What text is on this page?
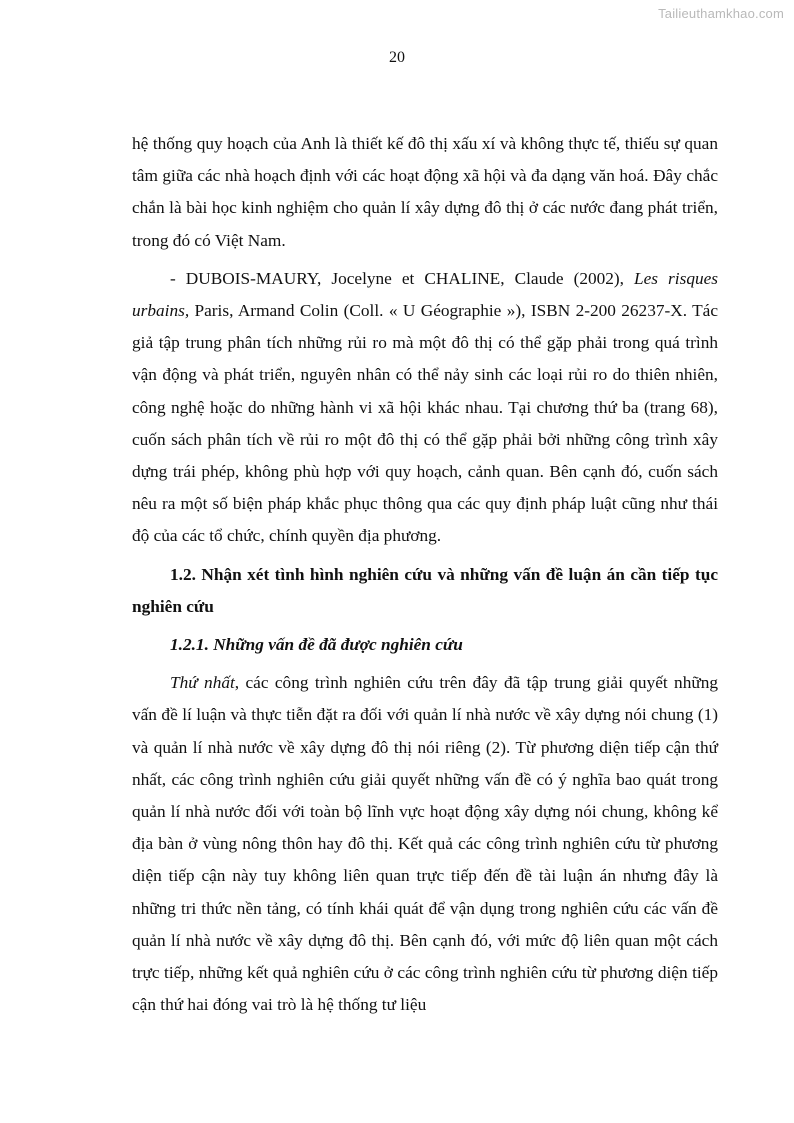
Tailieuthamkhao.com
20

hệ thống quy hoạch của Anh là thiết kế đô thị xấu xí và không thực tế, thiếu sự quan tâm giữa các nhà hoạch định với các hoạt động xã hội và đa dạng văn hoá. Đây chắc chắn là bài học kinh nghiệm cho quản lí xây dựng đô thị ở các nước đang phát triển, trong đó có Việt Nam.

- DUBOIS-MAURY, Jocelyne et CHALINE, Claude (2002), Les risques urbains, Paris, Armand Colin (Coll. « U Géographie »), ISBN 2-200 26237-X. Tác giả tập trung phân tích những rủi ro mà một đô thị có thể gặp phải trong quá trình vận động và phát triển, nguyên nhân có thể nảy sinh các loại rủi ro do thiên nhiên, công nghệ hoặc do những hành vi xã hội khác nhau. Tại chương thứ ba (trang 68), cuốn sách phân tích về rủi ro một đô thị có thể gặp phải bởi những công trình xây dựng trái phép, không phù hợp với quy hoạch, cảnh quan. Bên cạnh đó, cuốn sách nêu ra một số biện pháp khắc phục thông qua các quy định pháp luật cũng như thái độ của các tổ chức, chính quyền địa phương.

1.2. Nhận xét tình hình nghiên cứu và những vấn đề luận án cần tiếp tục nghiên cứu
1.2.1. Những vấn đề đã được nghiên cứu

Thứ nhất, các công trình nghiên cứu trên đây đã tập trung giải quyết những vấn đề lí luận và thực tiễn đặt ra đối với quản lí nhà nước về xây dựng nói chung (1) và quản lí nhà nước về xây dựng đô thị nói riêng (2). Từ phương diện tiếp cận thứ nhất, các công trình nghiên cứu giải quyết những vấn đề có ý nghĩa bao quát trong quản lí nhà nước đối với toàn bộ lĩnh vực hoạt động xây dựng nói chung, không kể địa bàn ở vùng nông thôn hay đô thị. Kết quả các công trình nghiên cứu từ phương diện tiếp cận này tuy không liên quan trực tiếp đến đề tài luận án nhưng đây là những tri thức nền tảng, có tính khái quát để vận dụng trong nghiên cứu các vấn đề quản lí nhà nước về xây dựng đô thị. Bên cạnh đó, với mức độ liên quan một cách trực tiếp, những kết quả nghiên cứu ở các công trình nghiên cứu từ phương diện tiếp cận thứ hai đóng vai trò là hệ thống tư liệu
